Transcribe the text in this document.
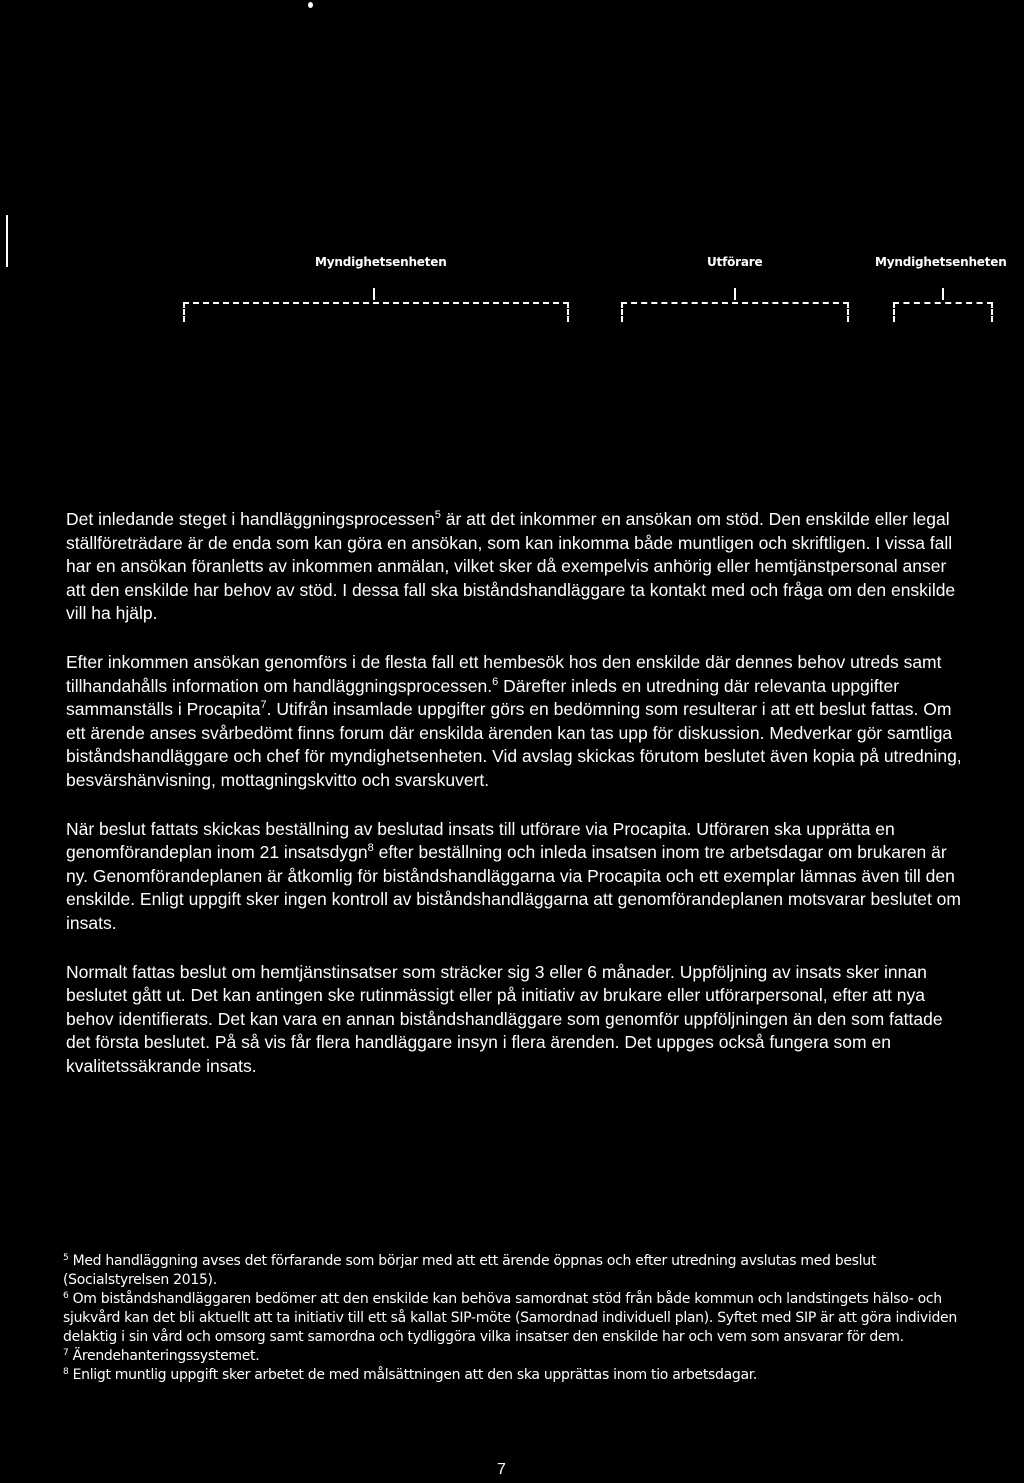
Myndighetsenheten	Utförare	Myndighetsenheten

Det inledande steget i handläggningsprocessen$^5$ är att det inkommer en ansökan om stöd. Den enskilde eller legal ställföreträdare är de enda som kan göra en ansökan, som kan inkomma både muntligen och skriftligen. I vissa fall har en ansökan föranletts av inkommen anmälan, vilket sker då exempelvis anhörig eller hemtjänstpersonal anser att den enskilde har behov av stöd. I dessa fall ska biståndshandläggare ta kontakt med och fråga om den enskilde vill ha hjälp.

Efter inkommen ansökan genomförs i de flesta fall ett hembesök hos den enskilde där dennes behov utreds samt tillhandahålls information om handläggningsprocessen.$^6$ Därefter inleds en utredning där relevanta uppgifter sammanställs i Procapita$^7$. Utifrån insamlade uppgifter görs en bedömning som resulterar i att ett beslut fattas. Om ett ärende anses svårbedömt finns forum där enskilda ärenden kan tas upp för diskussion. Medverkar gör samtliga biståndshandläggare och chef för myndighetsenheten. Vid avslag skickas förutom beslutet även kopia på utredning, besvärshänvisning, mottagningskvitto och svarskuvert.

När beslut fattats skickas beställning av beslutad insats till utförare via Procapita. Utföraren ska upprätta en genomförandeplan inom 21 insatsdygn$^8$ efter beställning och inleda insatsen inom tre arbetsdagar om brukaren är ny. Genomförandeplanen är åtkomlig för biståndshandläggarna via Procapita och ett exemplar lämnas även till den enskilde. Enligt uppgift sker ingen kontroll av biståndshandläggarna att genomförandeplanen motsvarar beslutet om insats.

Normalt fattas beslut om hemtjänstinsatser som sträcker sig 3 eller 6 månader. Uppföljning av insats sker innan beslutet gått ut. Det kan antingen ske rutinmässigt eller på initiativ av brukare eller utförarpersonal, efter att nya behov identifierats. Det kan vara en annan biståndshandläggare som genomför uppföljningen än den som fattade det första beslutet. På så vis får flera handläggare insyn i flera ärenden. Det uppges också fungera som en kvalitetssäkrande insats.

$^5$ Med handläggning avses det förfarande som börjar med att ett ärende öppnas och efter utredning avslutas med beslut (Socialstyrelsen 2015).
$^6$ Om biståndshandläggaren bedömer att den enskilde kan behöva samordnat stöd från både kommun och landstingets hälso- och sjukvård kan det bli aktuellt att ta initiativ till ett så kallat SIP-möte (Samordnad individuell plan). Syftet med SIP är att göra individen delaktig i sin vård och omsorg samt samordna och tydliggöra vilka insatser den enskilde har och vem som ansvarar för dem.
$^7$ Ärendehanteringssystemet.
$^8$ Enligt muntlig uppgift sker arbetet de med målsättningen att den ska upprättas inom tio arbetsdagar.
7
